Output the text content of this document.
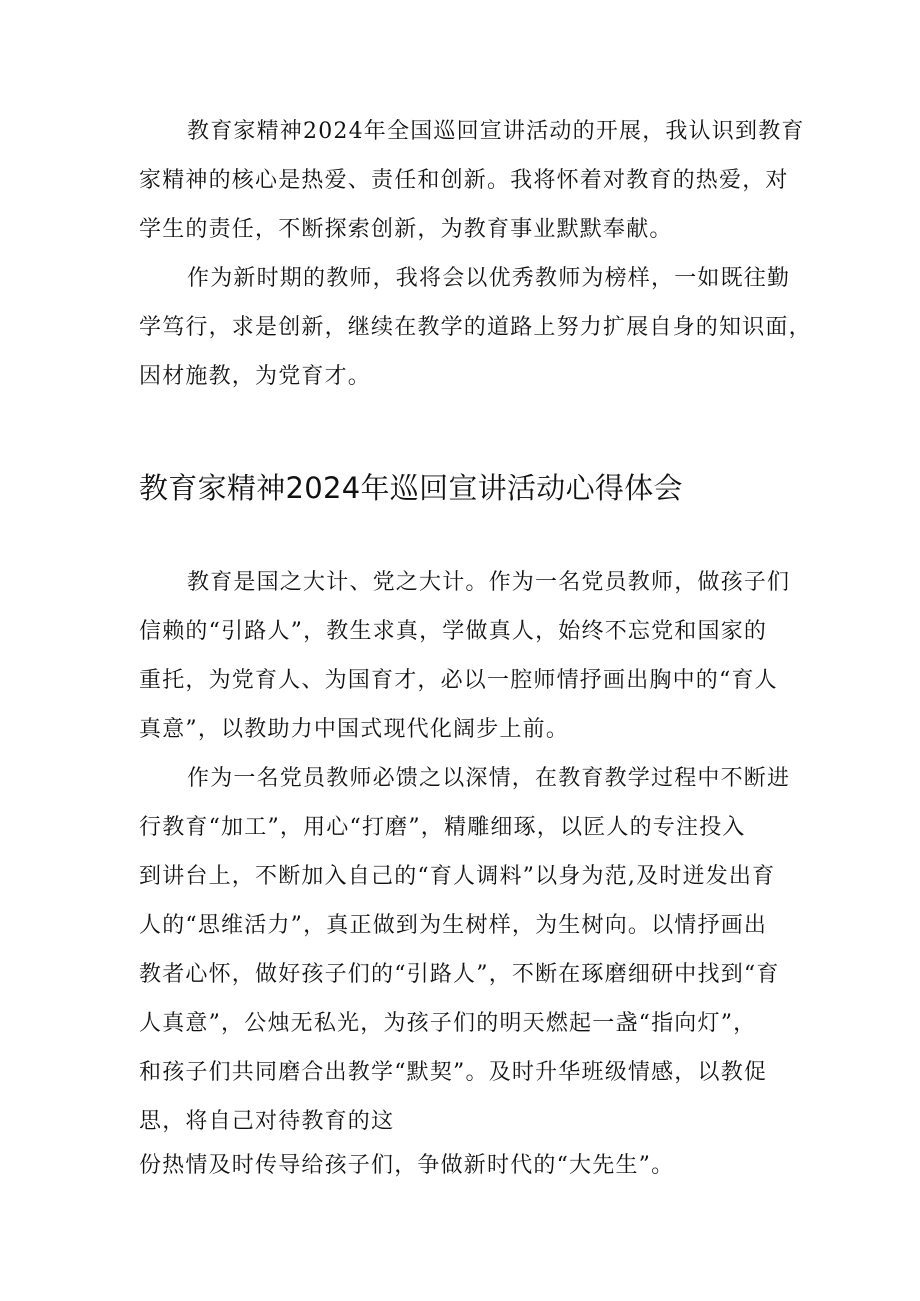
教育家精神2024年全国巡回宣讲活动的开展，我认识到教育
家精神的核心是热爱、责任和创新。我将怀着对教育的热爱，对
学生的责任，不断探索创新，为教育事业默默奉献。
作为新时期的教师，我将会以优秀教师为榜样，一如既往勤
学笃行，求是创新，继续在教学的道路上努力扩展自身的知识面，
因材施教，为党育才。
教育家精神2024年巡回宣讲活动心得体会
教育是国之大计、党之大计。作为一名党员教师，做孩子们
信赖的“引路人”，教生求真，学做真人，始终不忘党和国家的
重托，为党育人、为国育才，必以一腔师情抒画出胸中的“育人
真意”，以教助力中国式现代化阔步上前。
作为一名党员教师必馈之以深情，在教育教学过程中不断进
行教育“加工”，用心“打磨”，精雕细琢，以匠人的专注投入
到讲台上，不断加入自己的“育人调料”以身为范,及时迸发出育
人的“思维活力”，真正做到为生树样，为生树向。以情抒画出
教者心怀，做好孩子们的“引路人”，不断在琢磨细研中找到“育
人真意”，公烛无私光，为孩子们的明天燃起一盏“指向灯”，
和孩子们共同磨合出教学“默契”。及时升华班级情感，以教促
思，将自己对待教育的这
份热情及时传导给孩子们，争做新时代的“大先生”。
